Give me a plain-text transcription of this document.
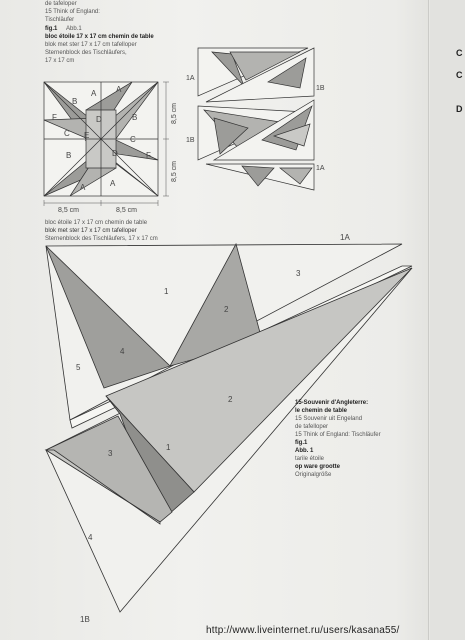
C
C
D
de tafeloper
15 Think of England:
Tischläufer
fig.1 Abb.1
bloc étoile 17 x 17 cm chemin de table
blok met ster 17 x 17 cm tafelloper
Sternenblock des Tischläufers,
17 x 17 cm
A A
B
F
C
D
E
B
D
C
B	F
A	A
8,5 cm	8,5 cm
8,5 cm
8,5 cm
1A
1B
1B
1A
bloc étoile 17 x 17 cm chemin de table
blok met ster 17 x 17 cm tafelloper
Sternenblock des Tischläufers, 17 x 17 cm	1A
1
2
3
4
5
2
1
3
4
1B
15-Souvenir d'Angleterre:
le chemin de table
15 Souvenir uit Engeland
de tafelloper
15 Think of England: Tischläufer
fig.1
Abb. 1
tarile étoile
op ware grootte
Originalgröße
http://www.liveinternet.ru/users/kasana55/
